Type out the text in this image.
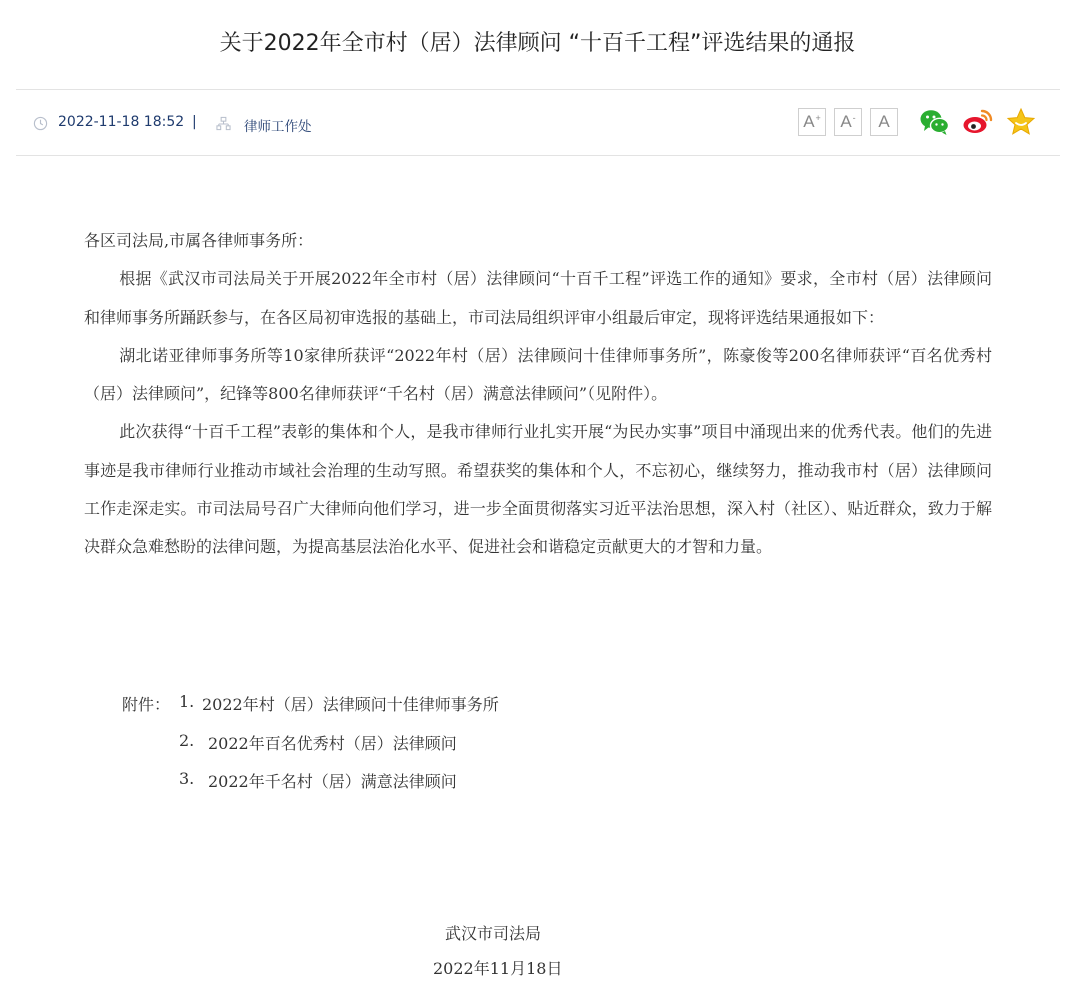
关于2022年全市村（居）法律顾问 “十百千工程”评选结果的通报
2022-11-18 18:52 |	律师工作处	A+ A- A

各区司法局,市属各律师事务所：

根据《武汉市司法局关于开展2022年全市村（居）法律顾问“十百千工程”评选工作的通知》要求，全市村（居）法律顾问和律师事务所踊跃参与，在各区局初审选报的基础上，市司法局组织评审小组最后审定，现将评选结果通报如下：

湖北诺亚律师事务所等10家律所获评“2022年村（居）法律顾问十佳律师事务所”，陈豪俊等200名律师获评“百名优秀村（居）法律顾问”，纪锋等800名律师获评“千名村（居）满意法律顾问”（见附件）。

此次获得“十百千工程”表彰的集体和个人，是我市律师行业扎实开展“为民办实事”项目中涌现出来的优秀代表。他们的先进事迹是我市律师行业推动市域社会治理的生动写照。希望获奖的集体和个人，不忘初心，继续努力，推动我市村（居）法律顾问工作走深走实。市司法局号召广大律师向他们学习，进一步全面贯彻落实习近平法治思想，深入村（社区）、贴近群众，致力于解决群众急难愁盼的法律问题，为提高基层法治化水平、促进社会和谐稳定贡献更大的才智和力量。

附件： 1. 2022年村（居）法律顾问十佳律师事务所
2. 2022年百名优秀村（居）法律顾问
3. 2022年千名村（居）满意法律顾问
武汉市司法局
2022年11月18日
